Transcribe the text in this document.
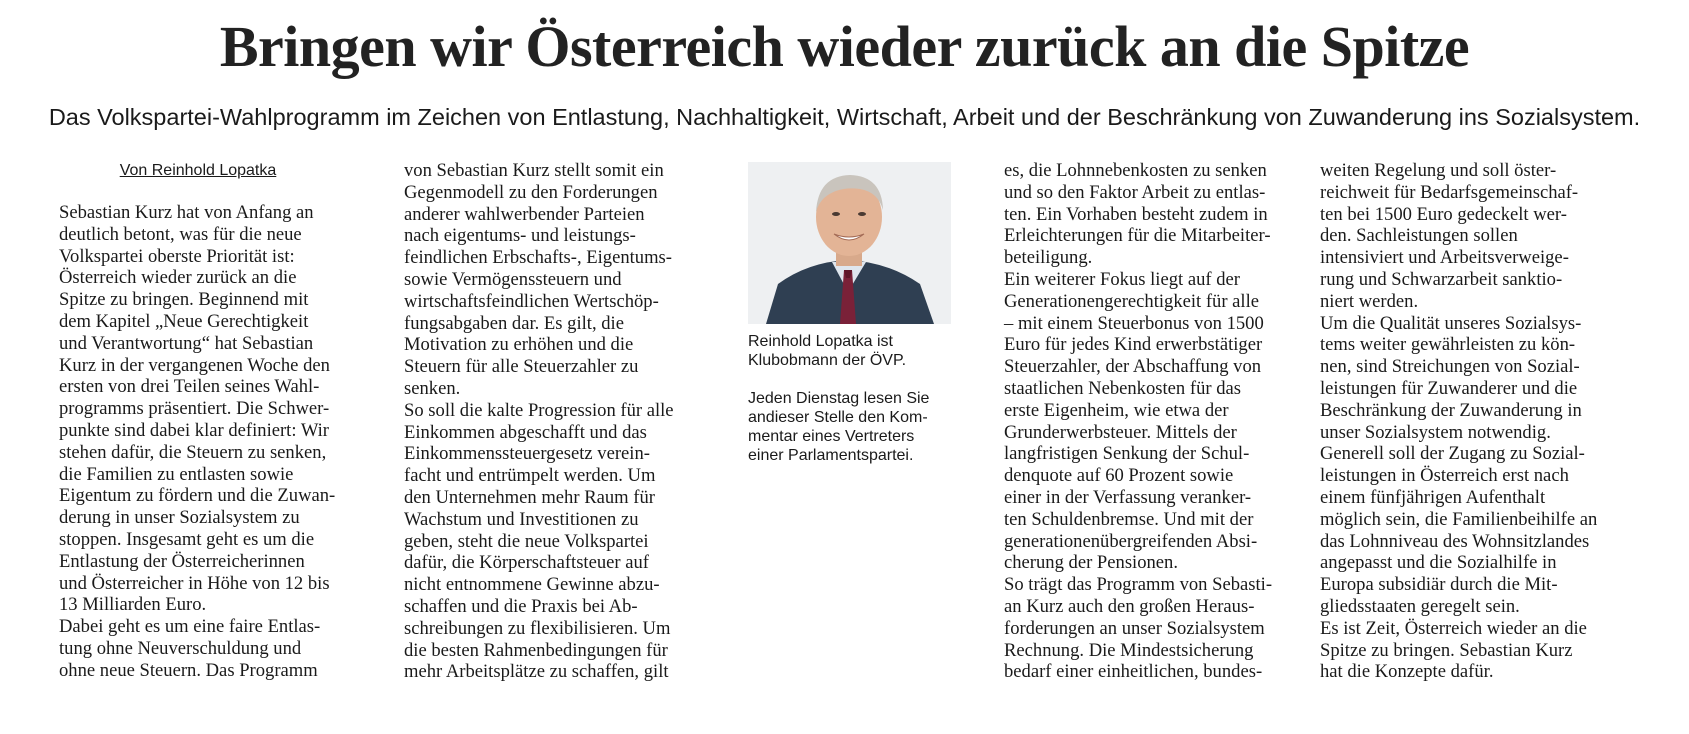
Bringen wir Österreich wieder zurück an die Spitze
Das Volkspartei-Wahlprogramm im Zeichen von Entlastung, Nachhaltigkeit, Wirtschaft, Arbeit und der Beschränkung von Zuwanderung ins Sozialsystem.
Von Reinhold Lopatka

Sebastian Kurz hat von Anfang an
deutlich betont, was für die neue
Volkspartei oberste Priorität ist:
Österreich wieder zurück an die
Spitze zu bringen. Beginnend mit
dem Kapitel „Neue Gerechtigkeit
und Verantwortung“ hat Sebastian
Kurz in der vergangenen Woche den
ersten von drei Teilen seines Wahl-
programms präsentiert. Die Schwer-
punkte sind dabei klar definiert: Wir
stehen dafür, die Steuern zu senken,
die Familien zu entlasten sowie
Eigentum zu fördern und die Zuwan-
derung in unser Sozialsystem zu
stoppen. Insgesamt geht es um die
Entlastung der Österreicherinnen
und Österreicher in Höhe von 12 bis
13 Milliarden Euro.
Dabei geht es um eine faire Entlas-
tung ohne Neuverschuldung und
ohne neue Steuern. Das Programm

von Sebastian Kurz stellt somit ein
Gegenmodell zu den Forderungen
anderer wahlwerbender Parteien
nach eigentums- und leistungs-
feindlichen Erbschafts-, Eigentums-
sowie Vermögenssteuern und
wirtschaftsfeindlichen Wertschöp-
fungsabgaben dar. Es gilt, die
Motivation zu erhöhen und die
Steuern für alle Steuerzahler zu
senken.
So soll die kalte Progression für alle
Einkommen abgeschafft und das
Einkommenssteuergesetz verein-
facht und entrümpelt werden. Um
den Unternehmen mehr Raum für
Wachstum und Investitionen zu
geben, steht die neue Volkspartei
dafür, die Körperschaftsteuer auf
nicht entnommene Gewinne abzu-
schaffen und die Praxis bei Ab-
schreibungen zu flexibilisieren. Um
die besten Rahmenbedingungen für
mehr Arbeitsplätze zu schaffen, gilt

Reinhold Lopatka ist
Klubobmann der ÖVP.

Jeden Dienstag lesen Sie
andieser Stelle den Kom-
mentar eines Vertreters
einer Parlamentspartei.

es, die Lohnnebenkosten zu senken
und so den Faktor Arbeit zu entlas-
ten. Ein Vorhaben besteht zudem in
Erleichterungen für die Mitarbeiter-
beteiligung.
Ein weiterer Fokus liegt auf der
Generationengerechtigkeit für alle
– mit einem Steuerbonus von 1500
Euro für jedes Kind erwerbstätiger
Steuerzahler, der Abschaffung von
staatlichen Nebenkosten für das
erste Eigenheim, wie etwa der
Grunderwerbsteuer. Mittels der
langfristigen Senkung der Schul-
denquote auf 60 Prozent sowie
einer in der Verfassung veranker-
ten Schuldenbremse. Und mit der
generationenübergreifenden Absi-
cherung der Pensionen.
So trägt das Programm von Sebasti-
an Kurz auch den großen Heraus-
forderungen an unser Sozialsystem
Rechnung. Die Mindestsicherung
bedarf einer einheitlichen, bundes-

weiten Regelung und soll öster-
reichweit für Bedarfsgemeinschaf-
ten bei 1500 Euro gedeckelt wer-
den. Sachleistungen sollen
intensiviert und Arbeitsverweige-
rung und Schwarzarbeit sanktio-
niert werden.
Um die Qualität unseres Sozialsys-
tems weiter gewährleisten zu kön-
nen, sind Streichungen von Sozial-
leistungen für Zuwanderer und die
Beschränkung der Zuwanderung in
unser Sozialsystem notwendig.
Generell soll der Zugang zu Sozial-
leistungen in Österreich erst nach
einem fünfjährigen Aufenthalt
möglich sein, die Familienbeihilfe an
das Lohnniveau des Wohnsitzlandes
angepasst und die Sozialhilfe in
Europa subsidiär durch die Mit-
gliedsstaaten geregelt sein.
Es ist Zeit, Österreich wieder an die
Spitze zu bringen. Sebastian Kurz
hat die Konzepte dafür.
